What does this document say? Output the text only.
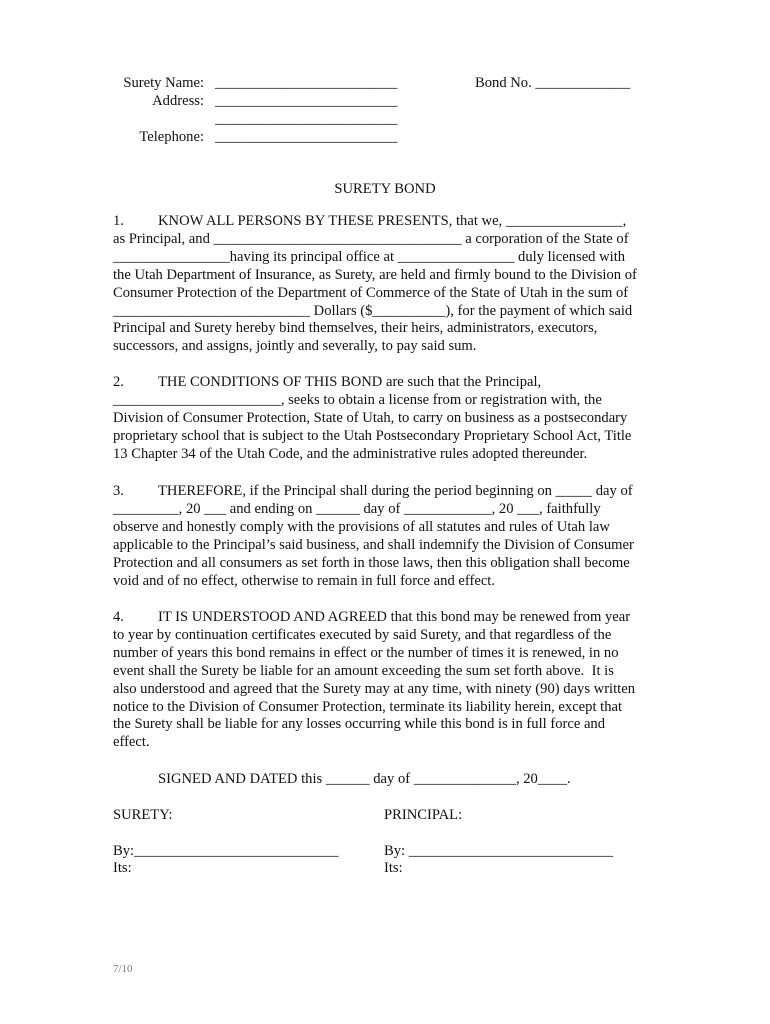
Surety Name: _________________________
Address: _________________________
_________________________
Telephone: _________________________
Bond No. _____________
SURETY BOND
1. KNOW ALL PERSONS BY THESE PRESENTS, that we, ________________,
as Principal, and __________________________________ a corporation of the State of
________________having its principal office at ________________ duly licensed with
the Utah Department of Insurance, as Surety, are held and firmly bound to the Division of
Consumer Protection of the Department of Commerce of the State of Utah in the sum of
___________________________ Dollars ($__________), for the payment of which said
Principal and Surety hereby bind themselves, their heirs, administrators, executors,
successors, and assigns, jointly and severally, to pay said sum.
2. THE CONDITIONS OF THIS BOND are such that the Principal,
_______________________, seeks to obtain a license from or registration with, the
Division of Consumer Protection, State of Utah, to carry on business as a postsecondary
proprietary school that is subject to the Utah Postsecondary Proprietary School Act, Title
13 Chapter 34 of the Utah Code, and the administrative rules adopted thereunder.
3. THEREFORE, if the Principal shall during the period beginning on _____ day of
_________, 20 ___ and ending on ______ day of ____________, 20 ___, faithfully
observe and honestly comply with the provisions of all statutes and rules of Utah law
applicable to the Principal’s said business, and shall indemnify the Division of Consumer
Protection and all consumers as set forth in those laws, then this obligation shall become
void and of no effect, otherwise to remain in full force and effect.
4. IT IS UNDERSTOOD AND AGREED that this bond may be renewed from year
to year by continuation certificates executed by said Surety, and that regardless of the
number of years this bond remains in effect or the number of times it is renewed, in no
event shall the Surety be liable for an amount exceeding the sum set forth above.  It is
also understood and agreed that the Surety may at any time, with ninety (90) days written
notice to the Division of Consumer Protection, terminate its liability herein, except that
the Surety shall be liable for any losses occurring while this bond is in full force and
effect.
SIGNED AND DATED this ______ day of ______________, 20____.
SURETY:	PRINCIPAL:
By:____________________________	By: ____________________________
Its:	Its:
7/10
